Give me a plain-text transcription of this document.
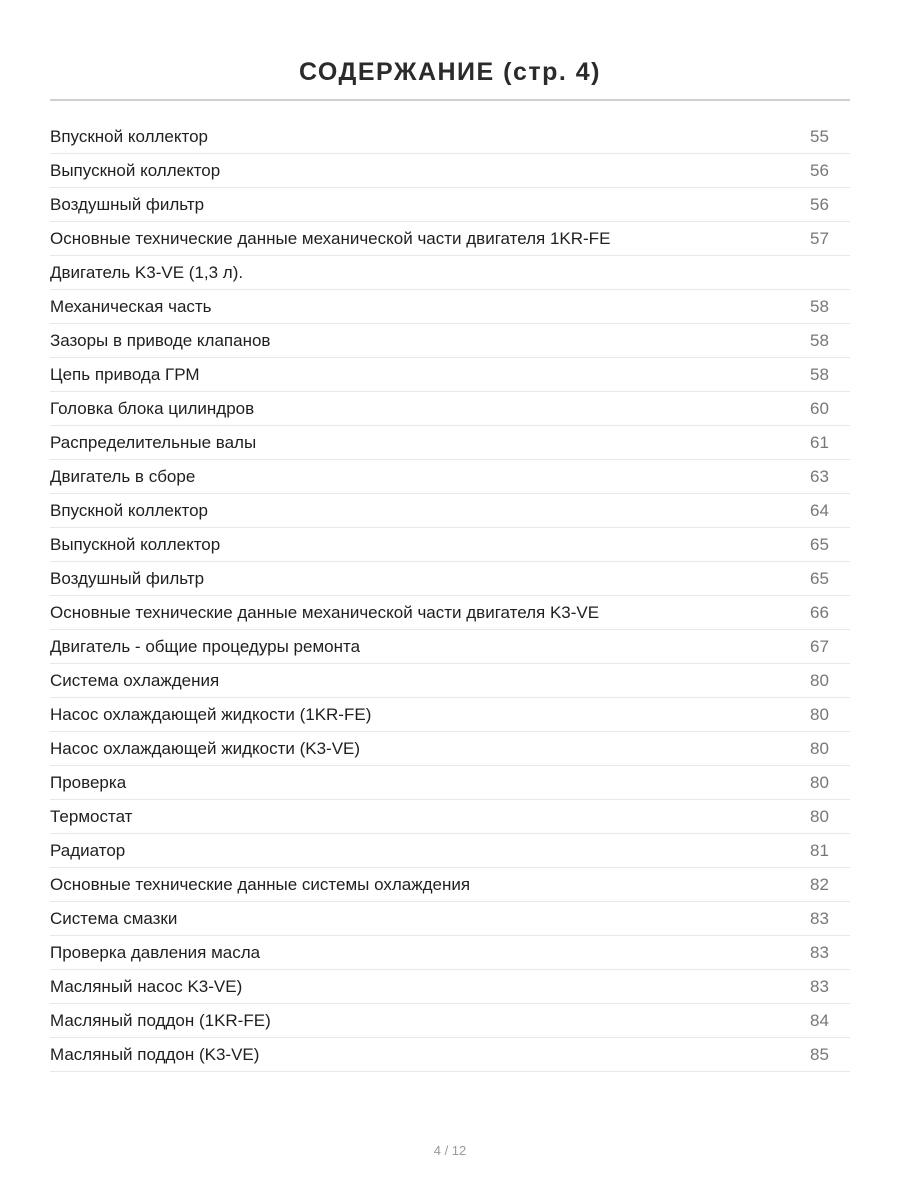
СОДЕРЖАНИЕ (стр. 4)
Впускной коллектор	55
Выпускной коллектор	56
Воздушный фильтр	56
Основные технические данные механической части двигателя 1KR-FE	57
Двигатель K3-VE (1,3 л).
Механическая часть	58
Зазоры в приводе клапанов	58
Цепь привода ГРМ	58
Головка блока цилиндров	60
Распределительные валы	61
Двигатель в сборе	63
Впускной коллектор	64
Выпускной коллектор	65
Воздушный фильтр	65
Основные технические данные механической части двигателя K3-VE	66
Двигатель - общие процедуры ремонта	67
Система охлаждения	80
Насос охлаждающей жидкости (1KR-FE)	80
Насос охлаждающей жидкости (K3-VE)	80
Проверка	80
Термостат	80
Радиатор	81
Основные технические данные системы охлаждения	82
Система смазки	83
Проверка давления масла	83
Масляный насос K3-VE)	83
Масляный поддон (1KR-FE)	84
Масляный поддон (K3-VE)	85
4 / 12
